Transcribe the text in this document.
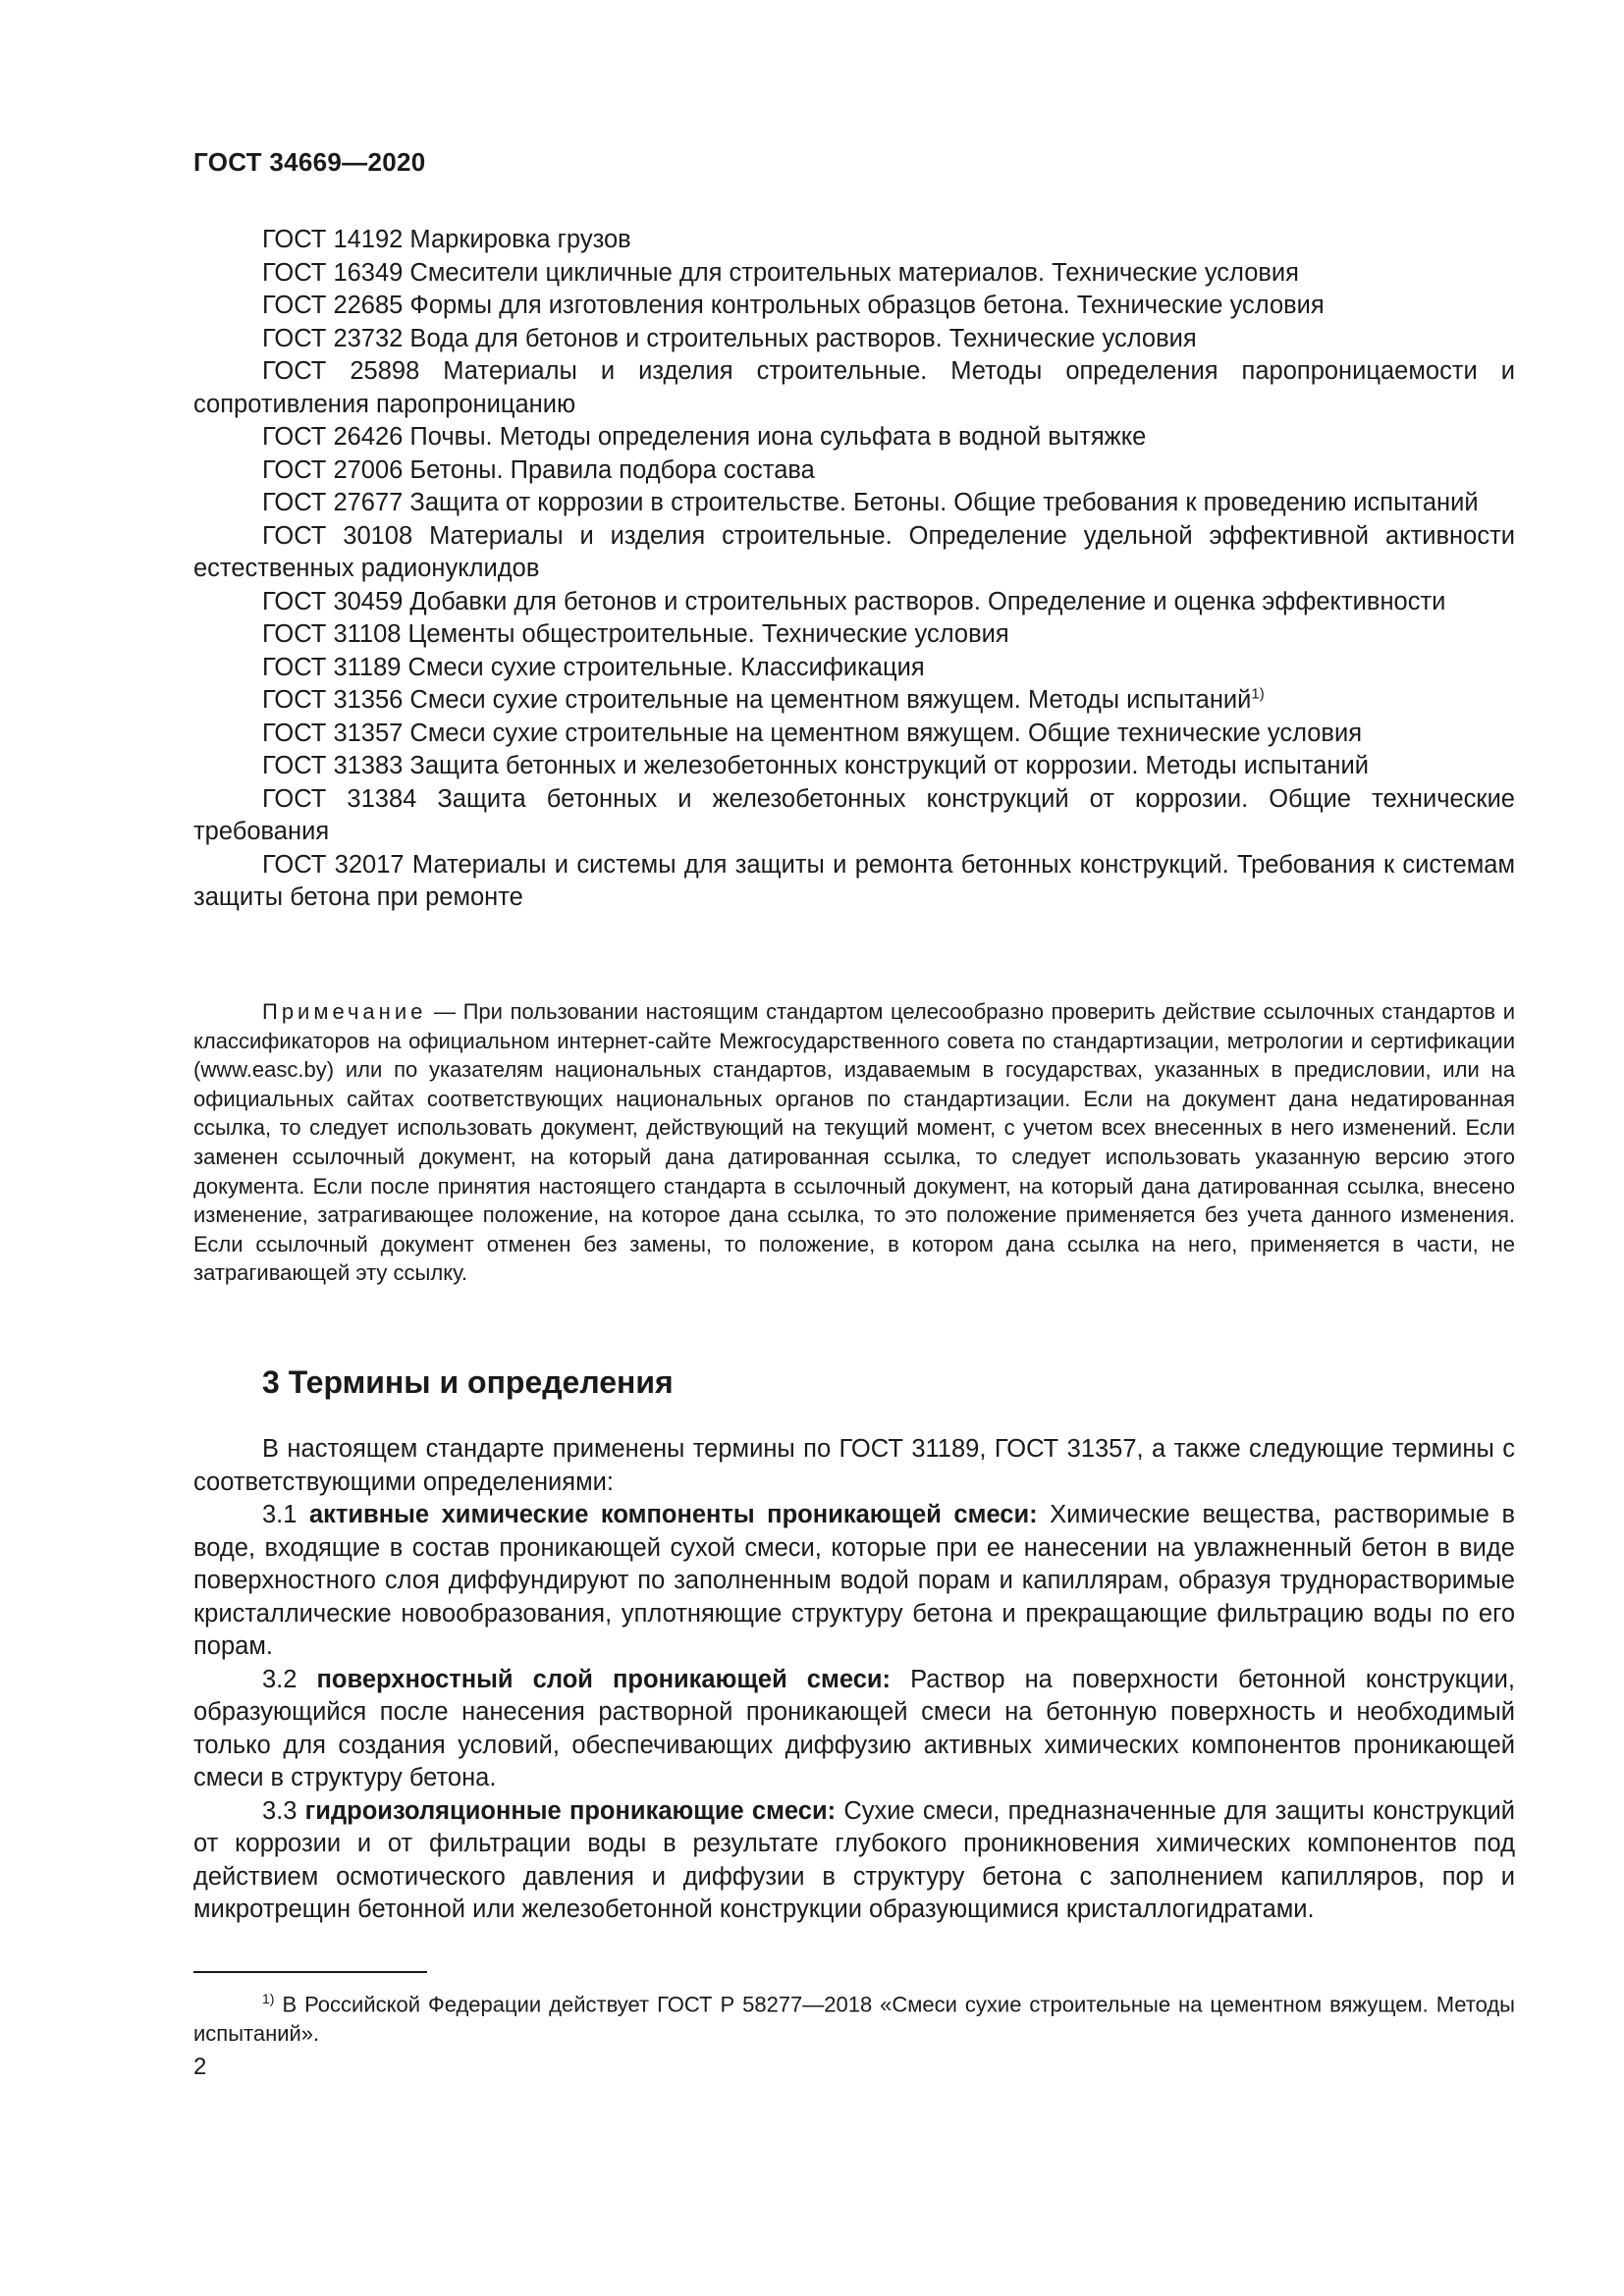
ГОСТ 34669—2020

ГОСТ 14192 Маркировка грузов

ГОСТ 16349 Смесители цикличные для строительных материалов. Технические условия

ГОСТ 22685 Формы для изготовления контрольных образцов бетона. Технические условия

ГОСТ 23732 Вода для бетонов и строительных растворов. Технические условия

ГОСТ 25898 Материалы и изделия строительные. Методы определения паропроницаемости и сопротивления паропроницанию

ГОСТ 26426 Почвы. Методы определения иона сульфата в водной вытяжке

ГОСТ 27006 Бетоны. Правила подбора состава

ГОСТ 27677 Защита от коррозии в строительстве. Бетоны. Общие требования к проведению испытаний

ГОСТ 30108 Материалы и изделия строительные. Определение удельной эффективной активности естественных радионуклидов

ГОСТ 30459 Добавки для бетонов и строительных растворов. Определение и оценка эффективности

ГОСТ 31108 Цементы общестроительные. Технические условия

ГОСТ 31189 Смеси сухие строительные. Классификация

ГОСТ 31356 Смеси сухие строительные на цементном вяжущем. Методы испытаний$^{1)}$

ГОСТ 31357 Смеси сухие строительные на цементном вяжущем. Общие технические условия

ГОСТ 31383 Защита бетонных и железобетонных конструкций от коррозии. Методы испытаний

ГОСТ 31384 Защита бетонных и железобетонных конструкций от коррозии. Общие технические требования

ГОСТ 32017 Материалы и системы для защиты и ремонта бетонных конструкций. Требования к системам защиты бетона при ремонте

Примечание — При пользовании настоящим стандартом целесообразно проверить действие ссылочных стандартов и классификаторов на официальном интернет-сайте Межгосударственного совета по стандартизации, метрологии и сертификации (www.easc.by) или по указателям национальных стандартов, издаваемым в государствах, указанных в предисловии, или на официальных сайтах соответствующих национальных органов по стандартизации. Если на документ дана недатированная ссылка, то следует использовать документ, действующий на текущий момент, с учетом всех внесенных в него изменений. Если заменен ссылочный документ, на который дана датированная ссылка, то следует использовать указанную версию этого документа. Если после принятия настоящего стандарта в ссылочный документ, на который дана датированная ссылка, внесено изменение, затрагивающее положение, на которое дана ссылка, то это положение применяется без учета данного изменения. Если ссылочный документ отменен без замены, то положение, в котором дана ссылка на него, применяется в части, не затрагивающей эту ссылку.
3 Термины и определения

В настоящем стандарте применены термины по ГОСТ 31189, ГОСТ 31357, а также следующие термины с соответствующими определениями:

3.1 активные химические компоненты проникающей смеси: Химические вещества, растворимые в воде, входящие в состав проникающей сухой смеси, которые при ее нанесении на увлажненный бетон в виде поверхностного слоя диффундируют по заполненным водой порам и капиллярам, образуя труднорастворимые кристаллические новообразования, уплотняющие структуру бетона и прекращающие фильтрацию воды по его порам.

3.2 поверхностный слой проникающей смеси: Раствор на поверхности бетонной конструкции, образующийся после нанесения растворной проникающей смеси на бетонную поверхность и необходимый только для создания условий, обеспечивающих диффузию активных химических компонентов проникающей смеси в структуру бетона.

3.3 гидроизоляционные проникающие смеси: Сухие смеси, предназначенные для защиты конструкций от коррозии и от фильтрации воды в результате глубокого проникновения химических компонентов под действием осмотического давления и диффузии в структуру бетона с заполнением капилляров, пор и микротрещин бетонной или железобетонной конструкции образующимися кристаллогидратами.

$^{1)}$ В Российской Федерации действует ГОСТ Р 58277—2018 «Смеси сухие строительные на цементном вяжущем. Методы испытаний».
2
